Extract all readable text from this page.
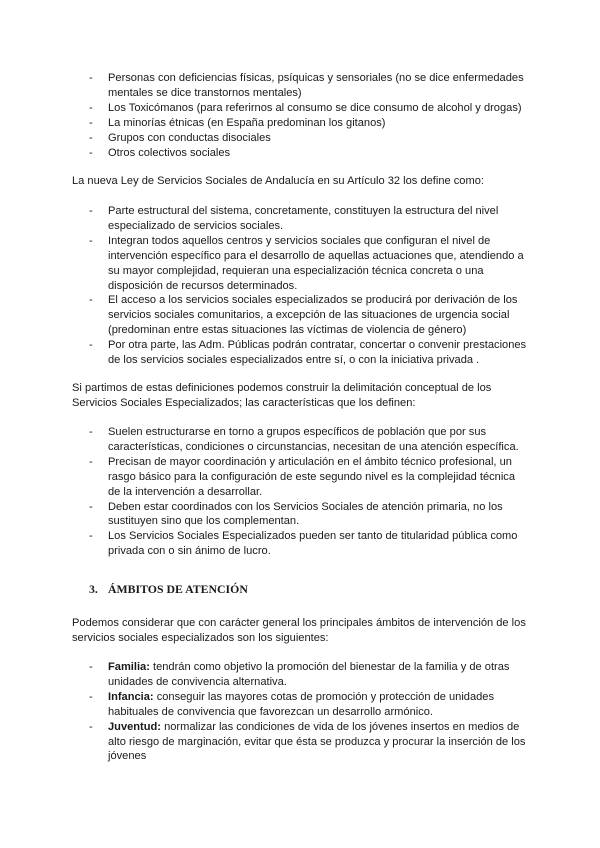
- Personas con deficiencias físicas, psíquicas y sensoriales (no se dice enfermedades
mentales se dice transtornos mentales)
- Los Toxicómanos (para referirnos al consumo se dice consumo de alcohol y drogas)
- La minorías étnicas (en España predominan los gitanos)
- Grupos con conductas disociales
- Otros colectivos sociales
La nueva Ley de Servicios Sociales de Andalucía en su Artículo 32 los define como:
- Parte estructural del sistema, concretamente, constituyen la estructura del nivel
especializado de servicios sociales.
- Integran todos aquellos centros y servicios sociales que configuran el nivel de
intervención específico para el desarrollo de aquellas actuaciones que, atendiendo a
su mayor complejidad, requieran una especialización técnica concreta o una
disposición de recursos determinados.
- El acceso a los servicios sociales especializados se producirá por derivación de los
servicios sociales comunitarios, a excepción de las situaciones de urgencia social
(predominan entre estas situaciones las víctimas de violencia de género)
- Por otra parte, las Adm. Públicas podrán contratar, concertar o convenir prestaciones
de los servicios sociales especializados entre sí, o con la iniciativa privada .
Si partimos de estas definiciones podemos construir la delimitación conceptual de los
Servicios Sociales Especializados; las características que los definen:
- Suelen estructurarse en torno a grupos específicos de población que por sus
características, condiciones o circunstancias, necesitan de una atención específica.
- Precisan de mayor coordinación y articulación en el ámbito técnico profesional, un
rasgo básico para la configuración de este segundo nivel es la complejidad técnica
de la intervención a desarrollar.
- Deben estar coordinados con los Servicios Sociales de atención primaria, no los
sustituyen sino que los complementan.
- Los Servicios Sociales Especializados pueden ser tanto de titularidad pública como
privada con o sin ánimo de lucro.
3. ÁMBITOS DE ATENCIÓN
Podemos considerar que con carácter general los principales ámbitos de intervención de los
servicios sociales especializados son los siguientes:
- Familia: tendrán como objetivo la promoción del bienestar de la familia y de otras
unidades de convivencia alternativa.
- Infancia: conseguir las mayores cotas de promoción y protección de unidades
habituales de convivencia que favorezcan un desarrollo armónico.
- Juventud: normalizar las condiciones de vida de los jóvenes insertos en medios de
alto riesgo de marginación, evitar que ésta se produzca y procurar la inserción de los
jóvenes
